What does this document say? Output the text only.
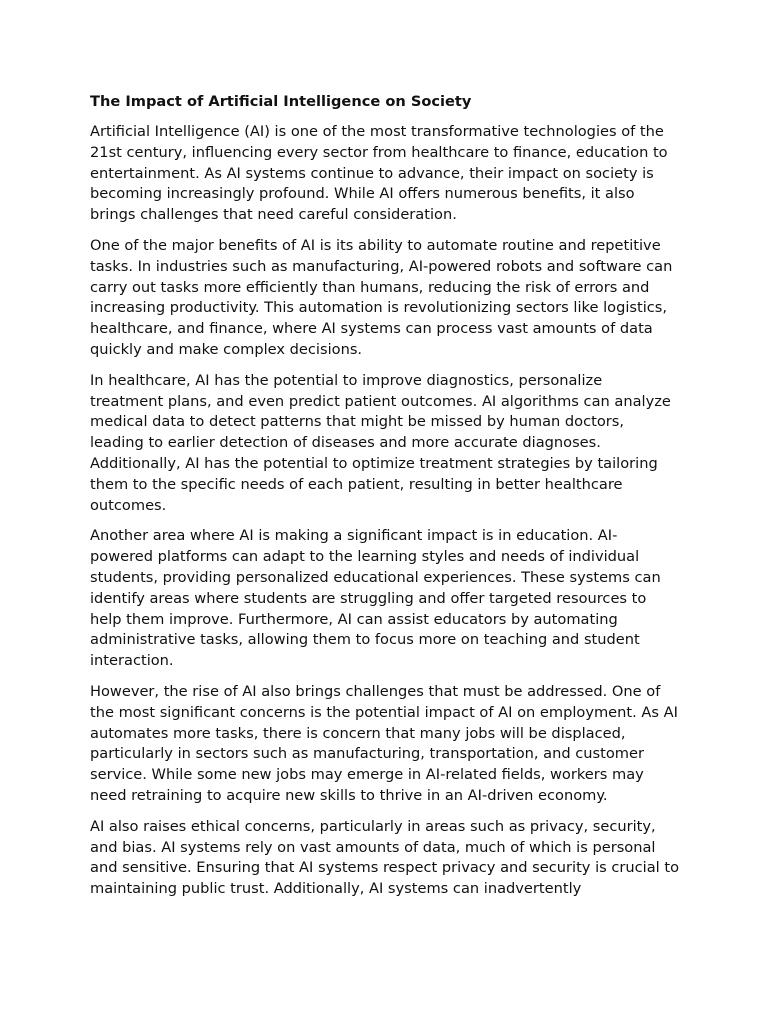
The Impact of Artificial Intelligence on Society

Artificial Intelligence (AI) is one of the most transformative technologies of the 21st century, influencing every sector from healthcare to finance, education to entertainment. As AI systems continue to advance, their impact on society is becoming increasingly profound. While AI offers numerous benefits, it also brings challenges that need careful consideration.

One of the major benefits of AI is its ability to automate routine and repetitive tasks. In industries such as manufacturing, AI-powered robots and software can carry out tasks more efficiently than humans, reducing the risk of errors and increasing productivity. This automation is revolutionizing sectors like logistics, healthcare, and finance, where AI systems can process vast amounts of data quickly and make complex decisions.

In healthcare, AI has the potential to improve diagnostics, personalize treatment plans, and even predict patient outcomes. AI algorithms can analyze medical data to detect patterns that might be missed by human doctors, leading to earlier detection of diseases and more accurate diagnoses. Additionally, AI has the potential to optimize treatment strategies by tailoring them to the specific needs of each patient, resulting in better healthcare outcomes.

Another area where AI is making a significant impact is in education. AI-powered platforms can adapt to the learning styles and needs of individual students, providing personalized educational experiences. These systems can identify areas where students are struggling and offer targeted resources to help them improve. Furthermore, AI can assist educators by automating administrative tasks, allowing them to focus more on teaching and student interaction.

However, the rise of AI also brings challenges that must be addressed. One of the most significant concerns is the potential impact of AI on employment. As AI automates more tasks, there is concern that many jobs will be displaced, particularly in sectors such as manufacturing, transportation, and customer service. While some new jobs may emerge in AI-related fields, workers may need retraining to acquire new skills to thrive in an AI-driven economy.

AI also raises ethical concerns, particularly in areas such as privacy, security, and bias. AI systems rely on vast amounts of data, much of which is personal and sensitive. Ensuring that AI systems respect privacy and security is crucial to maintaining public trust. Additionally, AI systems can inadvertently
